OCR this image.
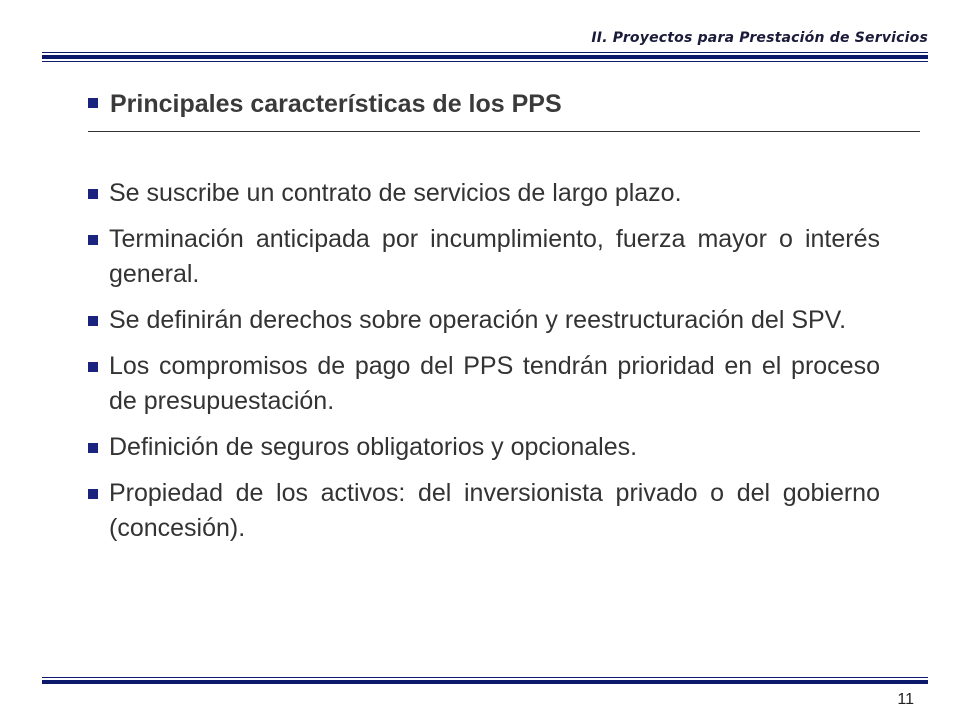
II. Proyectos para Prestación de Servicios
Principales características de los PPS
Se suscribe un contrato de servicios de largo plazo.
Terminación anticipada por incumplimiento, fuerza mayor o interés general.
Se definirán derechos sobre operación y reestructuración del SPV.
Los compromisos de pago del PPS tendrán prioridad en el proceso de presupuestación.
Definición de seguros obligatorios y opcionales.
Propiedad de los activos: del inversionista privado o del gobierno (concesión).
11
